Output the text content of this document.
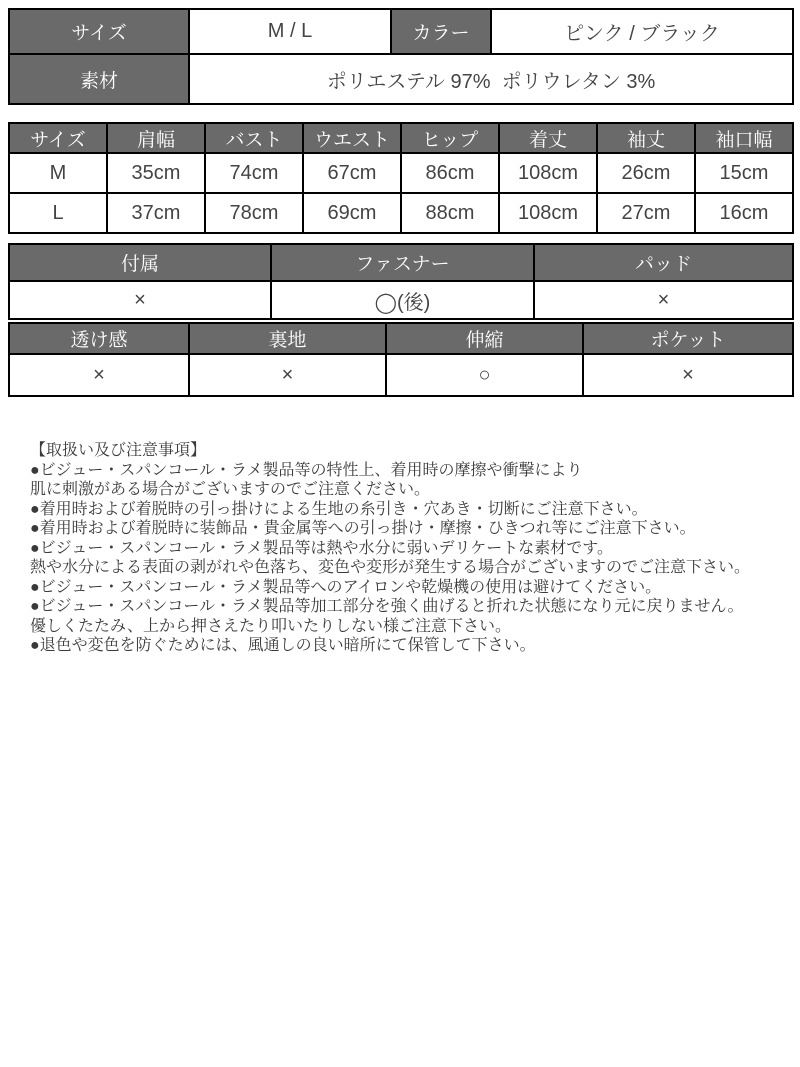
サイズ	M / L	カラー	ピンク / ブラック
素材	ポリエステル 97%  ポリウレタン 3%		
サイズ	肩幅	バスト	ウエスト	ヒップ	着丈	袖丈	袖口幅
M	35cm	74cm	67cm	86cm	108cm	26cm	15cm
L	37cm	78cm	69cm	88cm	108cm	27cm	16cm
付属	ファスナー	パッド
×	◯(後)	×
透け感	裏地	伸縮	ポケット
×	×	○	×
【取扱い及び注意事項】
●ビジュー・スパンコール・ラメ製品等の特性上、着用時の摩擦や衝撃により
肌に刺激がある場合がございますのでご注意ください。
●着用時および着脱時の引っ掛けによる生地の糸引き・穴あき・切断にご注意下さい。
●着用時および着脱時に装飾品・貴金属等への引っ掛け・摩擦・ひきつれ等にご注意下さい。
●ビジュー・スパンコール・ラメ製品等は熱や水分に弱いデリケートな素材です。
熱や水分による表面の剥がれや色落ち、変色や変形が発生する場合がございますのでご注意下さい。
●ビジュー・スパンコール・ラメ製品等へのアイロンや乾燥機の使用は避けてください。
●ビジュー・スパンコール・ラメ製品等加工部分を強く曲げると折れた状態になり元に戻りません。
優しくたたみ、上から押さえたり叩いたりしない様ご注意下さい。
●退色や変色を防ぐためには、風通しの良い暗所にて保管して下さい。
